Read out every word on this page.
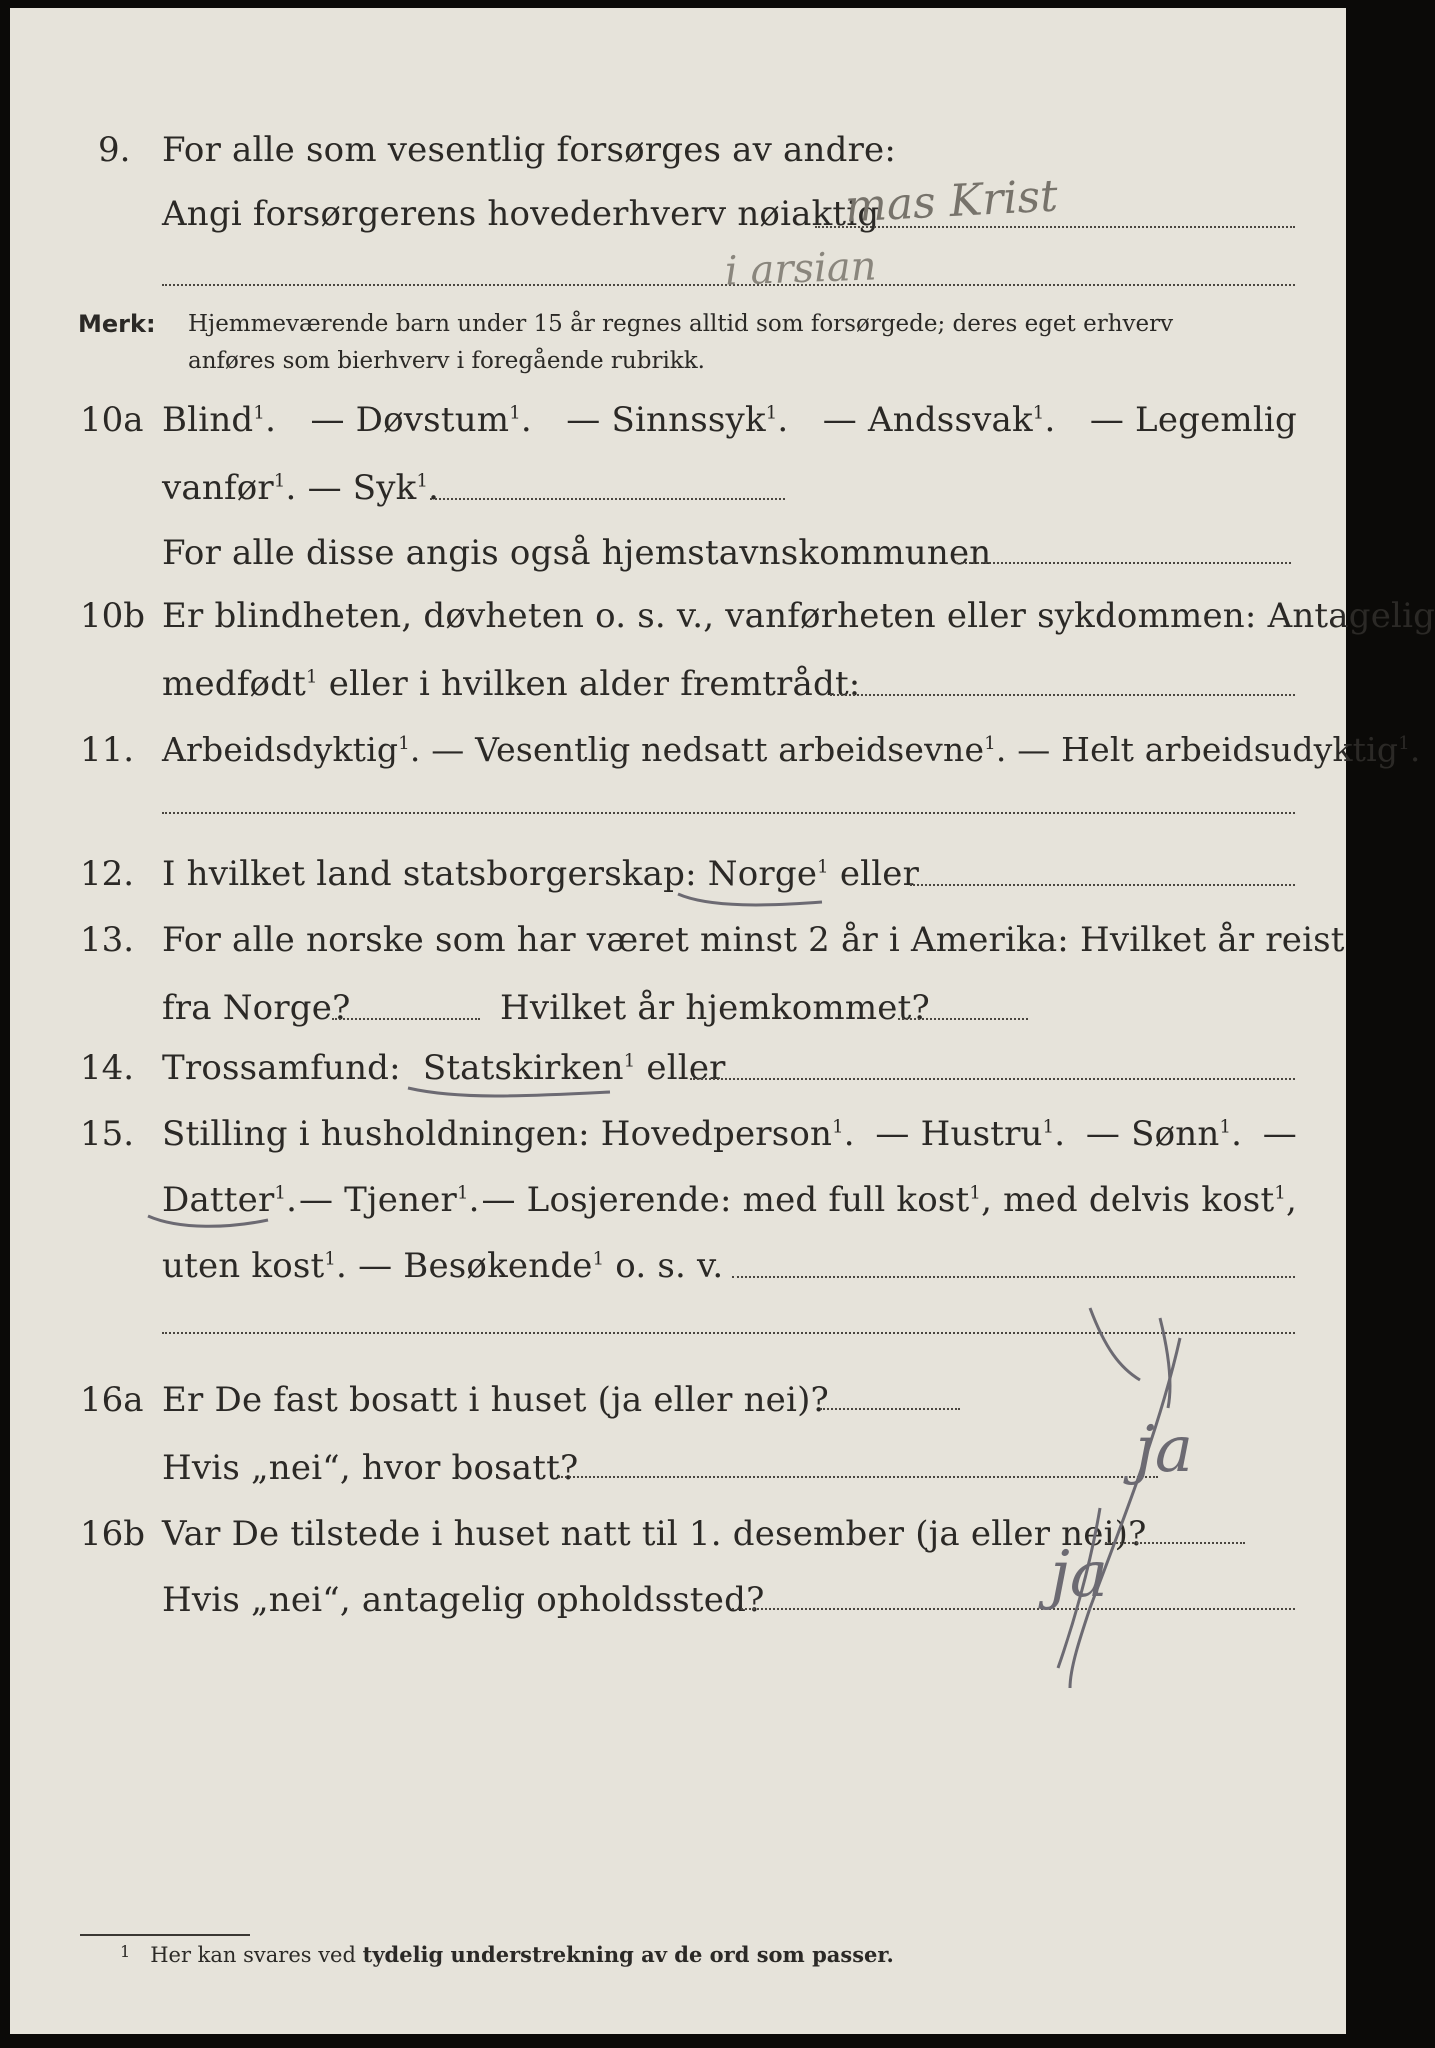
9. For alle som vesentlig forsørges av andre:
Angi forsørgerens hovederhverv nøiaktig
mas Krist
i arsian
Merk: Hjemmeværende barn under 15 år regnes alltid som forsørgede; deres eget erhverv
anføres som bierhverv i foregående rubrikk.
10a Blind$^1$. — Døvstum$^1$. — Sinnssyk$^1$. — Andssvak$^1$. — Legemlig
vanfør$^1$. — Syk$^1$.
For alle disse angis også hjemstavnskommunen
10b Er blindheten, døvheten o. s. v., vanførheten eller sykdommen: Antagelig
medfødt$^1$ eller i hvilken alder fremtrådt:
11. Arbeidsdyktig$^1$. — Vesentlig nedsatt arbeidsevne$^1$. — Helt arbeidsudyktig$^1$.
12. I hvilket land statsborgerskap: Norge$^1$ eller
13. For alle norske som har været minst 2 år i Amerika: Hvilket år reist
fra Norge?	Hvilket år hjemkommet?
14. Trossamfund: Statskirken$^1$ eller
15. Stilling i husholdningen: Hovedperson$^1$. — Hustru$^1$. — Sønn$^1$. —
Datter$^1$. — Tjener$^1$. — Losjerende: med full kost$^1$, med delvis kost$^1$,
uten kost$^1$. — Besøkende$^1$ o. s. v.
16a Er De fast bosatt i huset (ja eller nei)?
Hvis „nei“, hvor bosatt?
16b Var De tilstede i huset natt til 1. desember (ja eller nei)?
Hvis „nei“, antagelig opholdssted?
ja
ja
$^1$ Her kan svares ved tydelig understrekning av de ord som passer.
